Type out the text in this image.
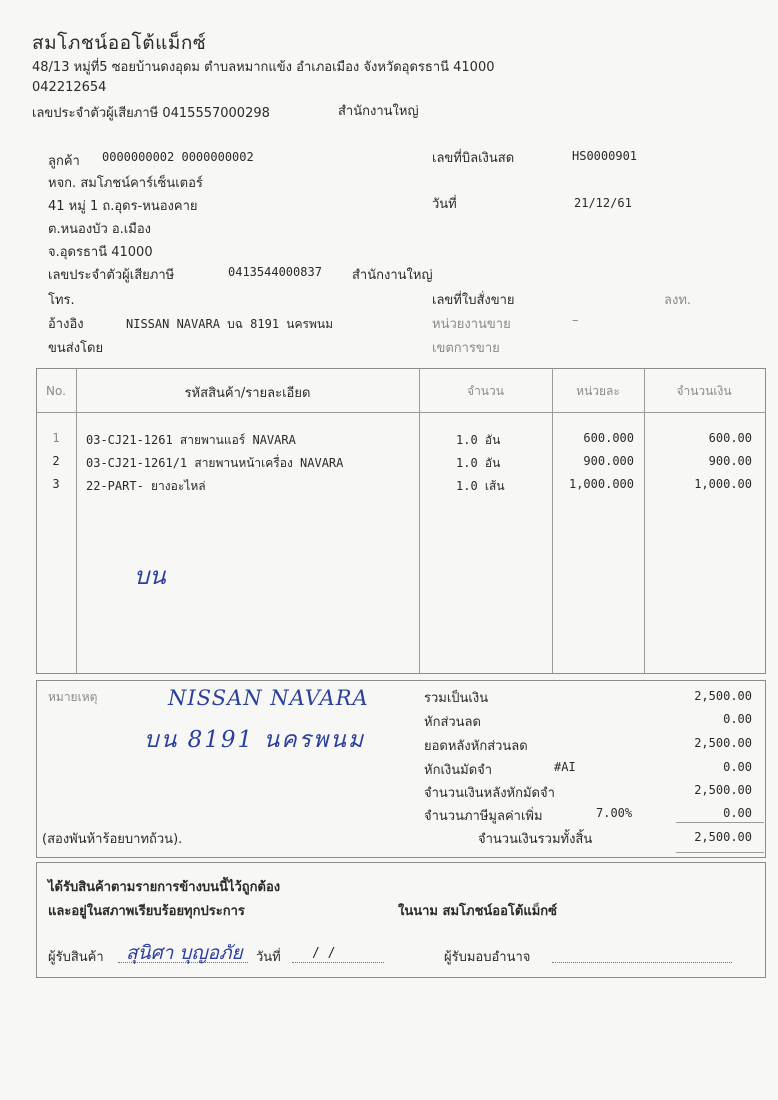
สมโภชน์ออโต้แม็กซ์
48/13 หมู่ที่5 ซอยบ้านดงอุดม ตำบลหมากแข้ง อำเภอเมือง จังหวัดอุดรธานี 41000
042212654
เลขประจำตัวผู้เสียภาษี 0415557000298	สำนักงานใหญ่
ลูกค้า 0000000002 0000000002
หจก. สมโภชน์คาร์เซ็นเตอร์
41 หมู่ 1 ถ.อุดร-หนองคาย
ต.หนองบัว อ.เมือง
จ.อุดรธานี 41000
เลขประจำตัวผู้เสียภาษี	0413544000837 สำนักงานใหญ่
โทร.
อ้างอิง	NISSAN NAVARA บฉ 8191 นครพนม
ขนส่งโดย
เลขที่บิลเงินสด	HS0000901
วันที่	21/12/61
เลขที่ใบสั่งขาย	ลงท.
หน่วยงานขาย	–
เขตการขาย
No.	รหัสสินค้า/รายละเอียด	จำนวน	หน่วยละ	จำนวนเงิน
1	03-CJ21-1261 สายพานแอร์ NAVARA	1.0 อัน	600.000	600.00
2	03-CJ21-1261/1 สายพานหน้าเครื่อง NAVARA	1.0 อัน	900.000	900.00
3	22-PART- ยางอะไหล่	1.0 เส้น	1,000.000	1,000.00
บน
หมายเหตุ	NISSAN NAVARA
บน 8191 นครพนม
(สองพันห้าร้อยบาทถ้วน).
รวมเป็นเงิน	2,500.00
หักส่วนลด	0.00
ยอดหลังหักส่วนลด	2,500.00
หักเงินมัดจำ	#AI	0.00
จำนวนเงินหลังหักมัดจำ	2,500.00
จำนวนภาษีมูลค่าเพิ่ม	7.00%	0.00
จำนวนเงินรวมทั้งสิ้น	2,500.00
ได้รับสินค้าตามรายการข้างบนนี้ไว้ถูกต้อง
และอยู่ในสภาพเรียบร้อยทุกประการ	ในนาม สมโภชน์ออโต้แม็กซ์
ผู้รับสินค้า สุนิศา บุญอภัย วันที่ / /	ผู้รับมอบอำนาจ
